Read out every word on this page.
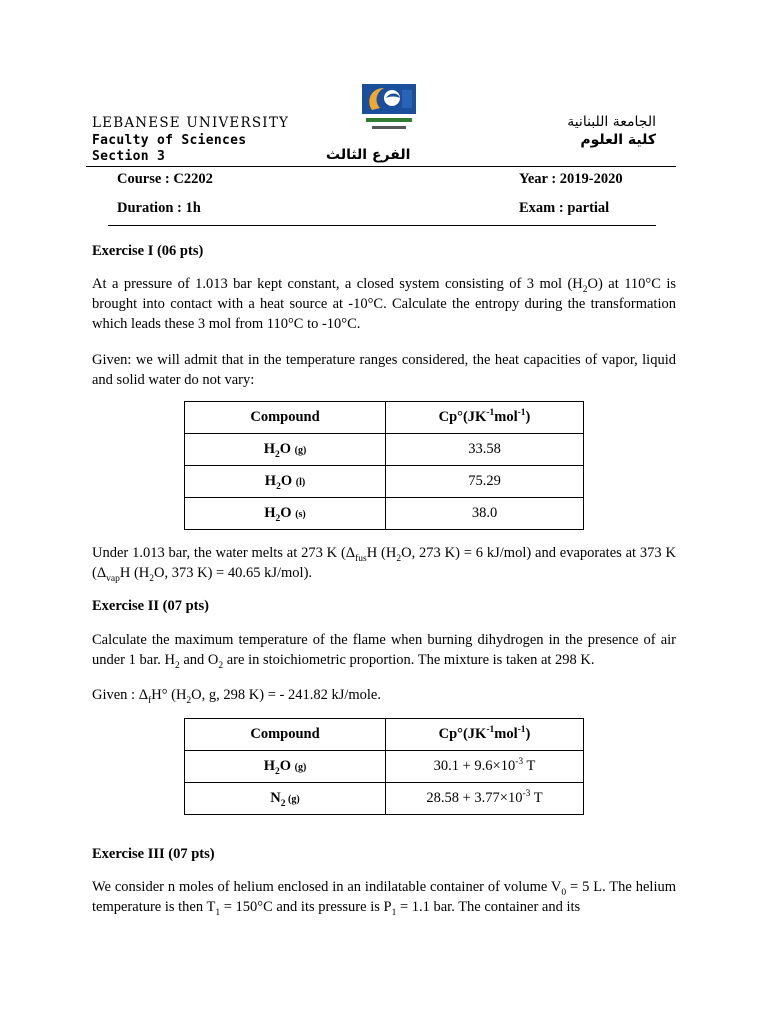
LEBANESE UNIVERSITY
Faculty of Sciences
Section 3
الجامعة اللبنانية
كلية العلوم
الفرع الثالث
Course : C2202	Year : 2019-2020
Duration : 1h	Exam : partial
Exercise I (06 pts)
At a pressure of 1.013 bar kept constant, a closed system consisting of 3 mol $(H_2O)$ at 110°C is brought into contact with a heat source at -10°C. Calculate the entropy during the transformation which leads these 3 mol from 110°C to -10°C.
Given: we will admit that in the temperature ranges considered, the heat capacities of vapor, liquid and solid water do not vary:
Compound	$Cp^\circ(JK^{-1}mol^{-1})$
$H_2O$ (g)	33.58
$H_2O$ (l)	75.29
$H_2O$ (s)	38.0
Under 1.013 bar, the water melts at 273 K ($\Delta_{fus}H$ ($H_2O$, 273 K) = 6 kJ/mol) and evaporates at 373 K ($\Delta_{vap}H$ ($H_2O$, 373 K) = 40.65 kJ/mol).
Exercise II (07 pts)
Calculate the maximum temperature of the flame when burning dihydrogen in the presence of air under 1 bar. $H_2$ and $O_2$ are in stoichiometric proportion. The mixture is taken at 298 K.
Given : $\Delta_fH^\circ$ ($H_2O$, g, 298 K) = - 241.82 kJ/mole.
Compound	$Cp^\circ(JK^{-1}mol^{-1})$
$H_2O$ (g)	$30.1 + 9.6\times 10^{-3}$ T
$N_2$ (g)	$28.58 + 3.77\times 10^{-3}$ T
Exercise III (07 pts)
We consider n moles of helium enclosed in an indilatable container of volume $V_0 = 5$ L. The helium temperature is then $T_1 = 150^\circ C$ and its pressure is $P_1 = 1.1$ bar. The container and its
